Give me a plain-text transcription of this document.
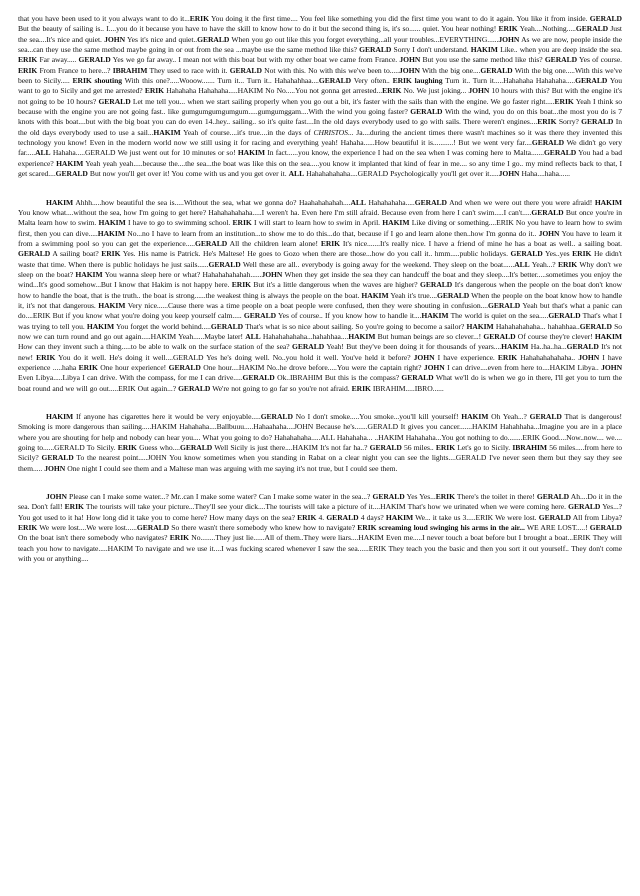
that you have been used to it you always want to do it...ERIK You doing it the first time.... You feel like something you did the first time you want to do it again. You like it from inside. GERALD But the beauty of sailing is.. I....you do it because you have to have the skill to know how to do it but the second thing is, it's so...... quiet. You hear nothing! ERIK Yeah....Nothing.....GERALD Just the sea....It's nice and quiet. JOHN Yes it's nice and quiet..GERALD When you go out like this you forget everything...all your troubles...EVERYTHING......JOHN As we are now, people inside the sea...can they use the same method maybe going in or out from the sea ...maybe use the same method like this? GERALD Sorry I don't understand. HAKIM Like.. when you are deep inside the sea. ERIK Far away..... GERALD Yes we go far away.. I mean not with this boat but with my other boat we came from France. JOHN But you use the same method like this? GERALD Yes of course. ERIK From France to here...? IBRAHIM They used to race with it. GERALD Not with this. No with this we've been to.....JOHN With the big one....GERALD With the big one.....With this we've been to Sicily..... ERIK shouting With this one?.....Wooow....... Turn it... Turn it.. Hahahahhaa....GERALD Very often.. ERIK laughing Turn it.. Turn it.....Hahahaha Hahahaha.....GERALD You want to go to Sicily and get me arrested? ERIK Hahahaha Hahahaha.....HAKIM No No.....You not gonna get arrested...ERIK No. We just joking... JOHN 10 hours with this? But with the engine it's not going to be 10 hours? GERALD Let me tell you... when we start sailing properly when you go out a bit, it's faster with the sails than with the engine. We go faster right.....ERIK Yeah I think so because with the engine you are not going fast.. like gumgumgumgumgum.....gumgumggam....With the wind you going faster? GERALD With the wind, you do on this boat...the most you do is 7 knots with this boat....but with the big boat you can do even 14..hey.. sailing.. so it's quite fast....In the old days everybody used to go with sails. There weren't engines....ERIK Sorry? GERALD In the old days everybody used to use a sail...HAKIM Yeah of course....it's true....in the days of CHRISTOS... Ja....during the ancient times there wasn't machines so it was there they invented this technology you know! Even in the modern world now we still using it for racing and everything yeah! Hahaha......How beautiful it is...........! But we went very far....GERALD We didn't go very far.....ALL Hahaha.....GERALD We just went out for 10 minutes or so! HAKIM In fact......you know, the experience I had on the sea when I was coming here to Malta.......GERALD You had a bad experience? HAKIM Yeah yeah yeah.....because the....the sea...the boat was like this on the sea.....you know it implanted that kind of fear in me.... so any time I go.. my mind reflects back to that, I get scared....GERALD But now you'll get over it! You come with us and you get over it. ALL Hahahahahaha....GERALD Psychologically you'll get over it.....JOHN Haha....haha......

HAKIM Ahhh.....how beautiful the sea is.....Without the sea, what we gonna do? Haahahahahah....ALL Hahahahaha.....GERALD And when we were out there you were afraid! HAKIM You know what....without the sea, how I'm going to get here? Hahahahahaha.....I weren't ha. Even here I'm still afraid. Because even from here I can't swim.....I can't.....GERALD But once you're in Malta learn how to swim. HAKIM I have to go to swimming school. ERIK I will start to learn how to swim in April. HAKIM Like diving or something....ERIK No you have to learn how to swim first, then you can dive.....HAKIM No...no I have to learn from an institution...to show me to do this...do that, because if I go and learn alone then..how I'm gonna do it.. JOHN You have to learn it from a swimming pool so you can get the experience.....GERALD All the children learn alone! ERIK It's nice.......It's really nice. I have a friend of mine he has a boat as well.. a sailing boat. GERALD A sailing boat? ERIK Yes. His name is Patrick. He's Maltese! He goes to Gozo when there are those...how do you call it.. hmm.....public holidays. GERALD Yes..yes ERIK He didn't waste that time. When there is public holidays he just sails......GERALD Well these are all.. everybody is going away for the weekend. They sleep on the boat......ALL Yeah...? ERIK Why don't we sleep on the boat? HAKIM You wanna sleep here or what? Hahahahahahah......JOHN When they get inside the sea they can handcuff the boat and they sleep....It's better.....sometimes you enjoy the wind...It's good somehow...But I know that Hakim is not happy here. ERIK But it's a little dangerous when the waves are higher? GERALD It's dangerous when the people on the boat don't know how to handle the boat, that is the truth.. the boat is strong......the weakest thing is always the people on the boat. HAKIM Yeah it's true....GERALD When the people on the boat know how to handle it, it's not that dangerous. HAKIM Very nice......Cause there was a time people on a boat people were confused, then they were shouting in confusion....GERALD Yeah but that's what a panic can do....ERIK But if you know what you're doing you keep yourself calm..... GERALD Yes of course.. If you know how to handle it....HAKIM The world is quiet on the sea.....GERALD That's what I was trying to tell you. HAKIM You forget the world behind.....GERALD That's what is so nice about sailing. So you're going to become a sailor? HAKIM Hahahahahaha... hahahhaa..GERALD So now we can turn round and go out again.....HAKIM Yeah......Maybe later! ALL Hahahahahaha...hahahhaa....HAKIM But human beings are so clever...! GERALD Of course they're clever! HAKIM How can they invent such a thing.....to be able to walk on the surface station of the sea? GERALD Yeah! But they've been doing it for thousands of years....HAKIM Ha..ha..ha...GERALD It's not new! ERIK You do it well. He's doing it well....GERALD Yes he's doing well. No..you hold it well. You've held it before? JOHN I have experience. ERIK Hahahahahahaha.. JOHN I have experience .....haha ERIK One hour experience! GERALD One hour....HAKIM No..he drove before.....You were the captain right? JOHN I can drive....even from here to....HAKIM Libya.. JOHN Even Libya.....Libya I can drive. With the compass, for me I can drive.....GERALD Ok..IBRAHIM But this is the compass? GERALD What we'll do is when we go in there, I'll get you to turn the boat round and we will go out.....ERIK Out again...? GERALD We're not going to go far so you're not afraid. ERIK IBRAHIM.....IBRO......

HAKIM If anyone has cigarettes here it would be very enjoyable.....GERALD No I don't smoke.....You smoke...you'll kill yourself! HAKIM Oh Yeah...? GERALD That is dangerous! Smoking is more dangerous than sailing.....HAKIM Hahahaha....Ballbuuu.....Hahaahaha....JOHN Because he's.......GERALD It gives you cancer.......HAKIM Hahahhaha...Imagine you are in a place where you are shouting for help and nobody can hear you.... What you going to do? Hahahahaha.....ALL Hahahaha... ..HAKIM Hahahaha...You got nothing to do........ERIK Good....Now..now.... we.... going to......GERALD To Sicily. ERIK Guess who....GERALD Well Sicily is just there....HAKIM It's not far ha..? GERALD 56 miles.. ERIK Let's go to Sicily. IBRAHIM 56 miles.....from here to Sicily? GERALD To the nearest point.....JOHN You know sometimes when you standing in Rabat on a clear night you can see the lights....GERALD I've never seen them but they say they see them..... JOHN One night I could see them and a Maltese man was arguing with me saying it's not true, but I could see them.

JOHN Please can I make some water...? Mr..can I make some water? Can I make some water in the sea...? GERALD Yes Yes...ERIK There's the toilet in there! GERALD Ah....Do it in the sea. Don't fall! ERIK The tourists will take your picture...They'll see your dick....The tourists will take a picture of it....HAKIM That's how we urinated when we were coming here. GERALD Yes...? You got used to it ha! How long did it take you to come here? How many days on the sea? ERIK 4. GERALD 4 days? HAKIM We... it take us 3.....ERIK We were lost. GERALD All from Libya? ERIK We were lost....We were lost......GERALD So there wasn't there somebody who knew how to navigate? ERIK screaming loud swinging his arms in the air... WE ARE LOST.....! GERALD On the boat isn't there somebody who navigates? ERIK No........They just lie......All of them..They were liars....HAKIM Even me.....I never touch a boat before but I brought a boat...ERIK They will teach you how to navigate.....HAKIM To navigate and we use it....I was fucking scared whenever I saw the sea......ERIK They teach you the basic and then you sort it out yourself.. They don't come with you or anything....
